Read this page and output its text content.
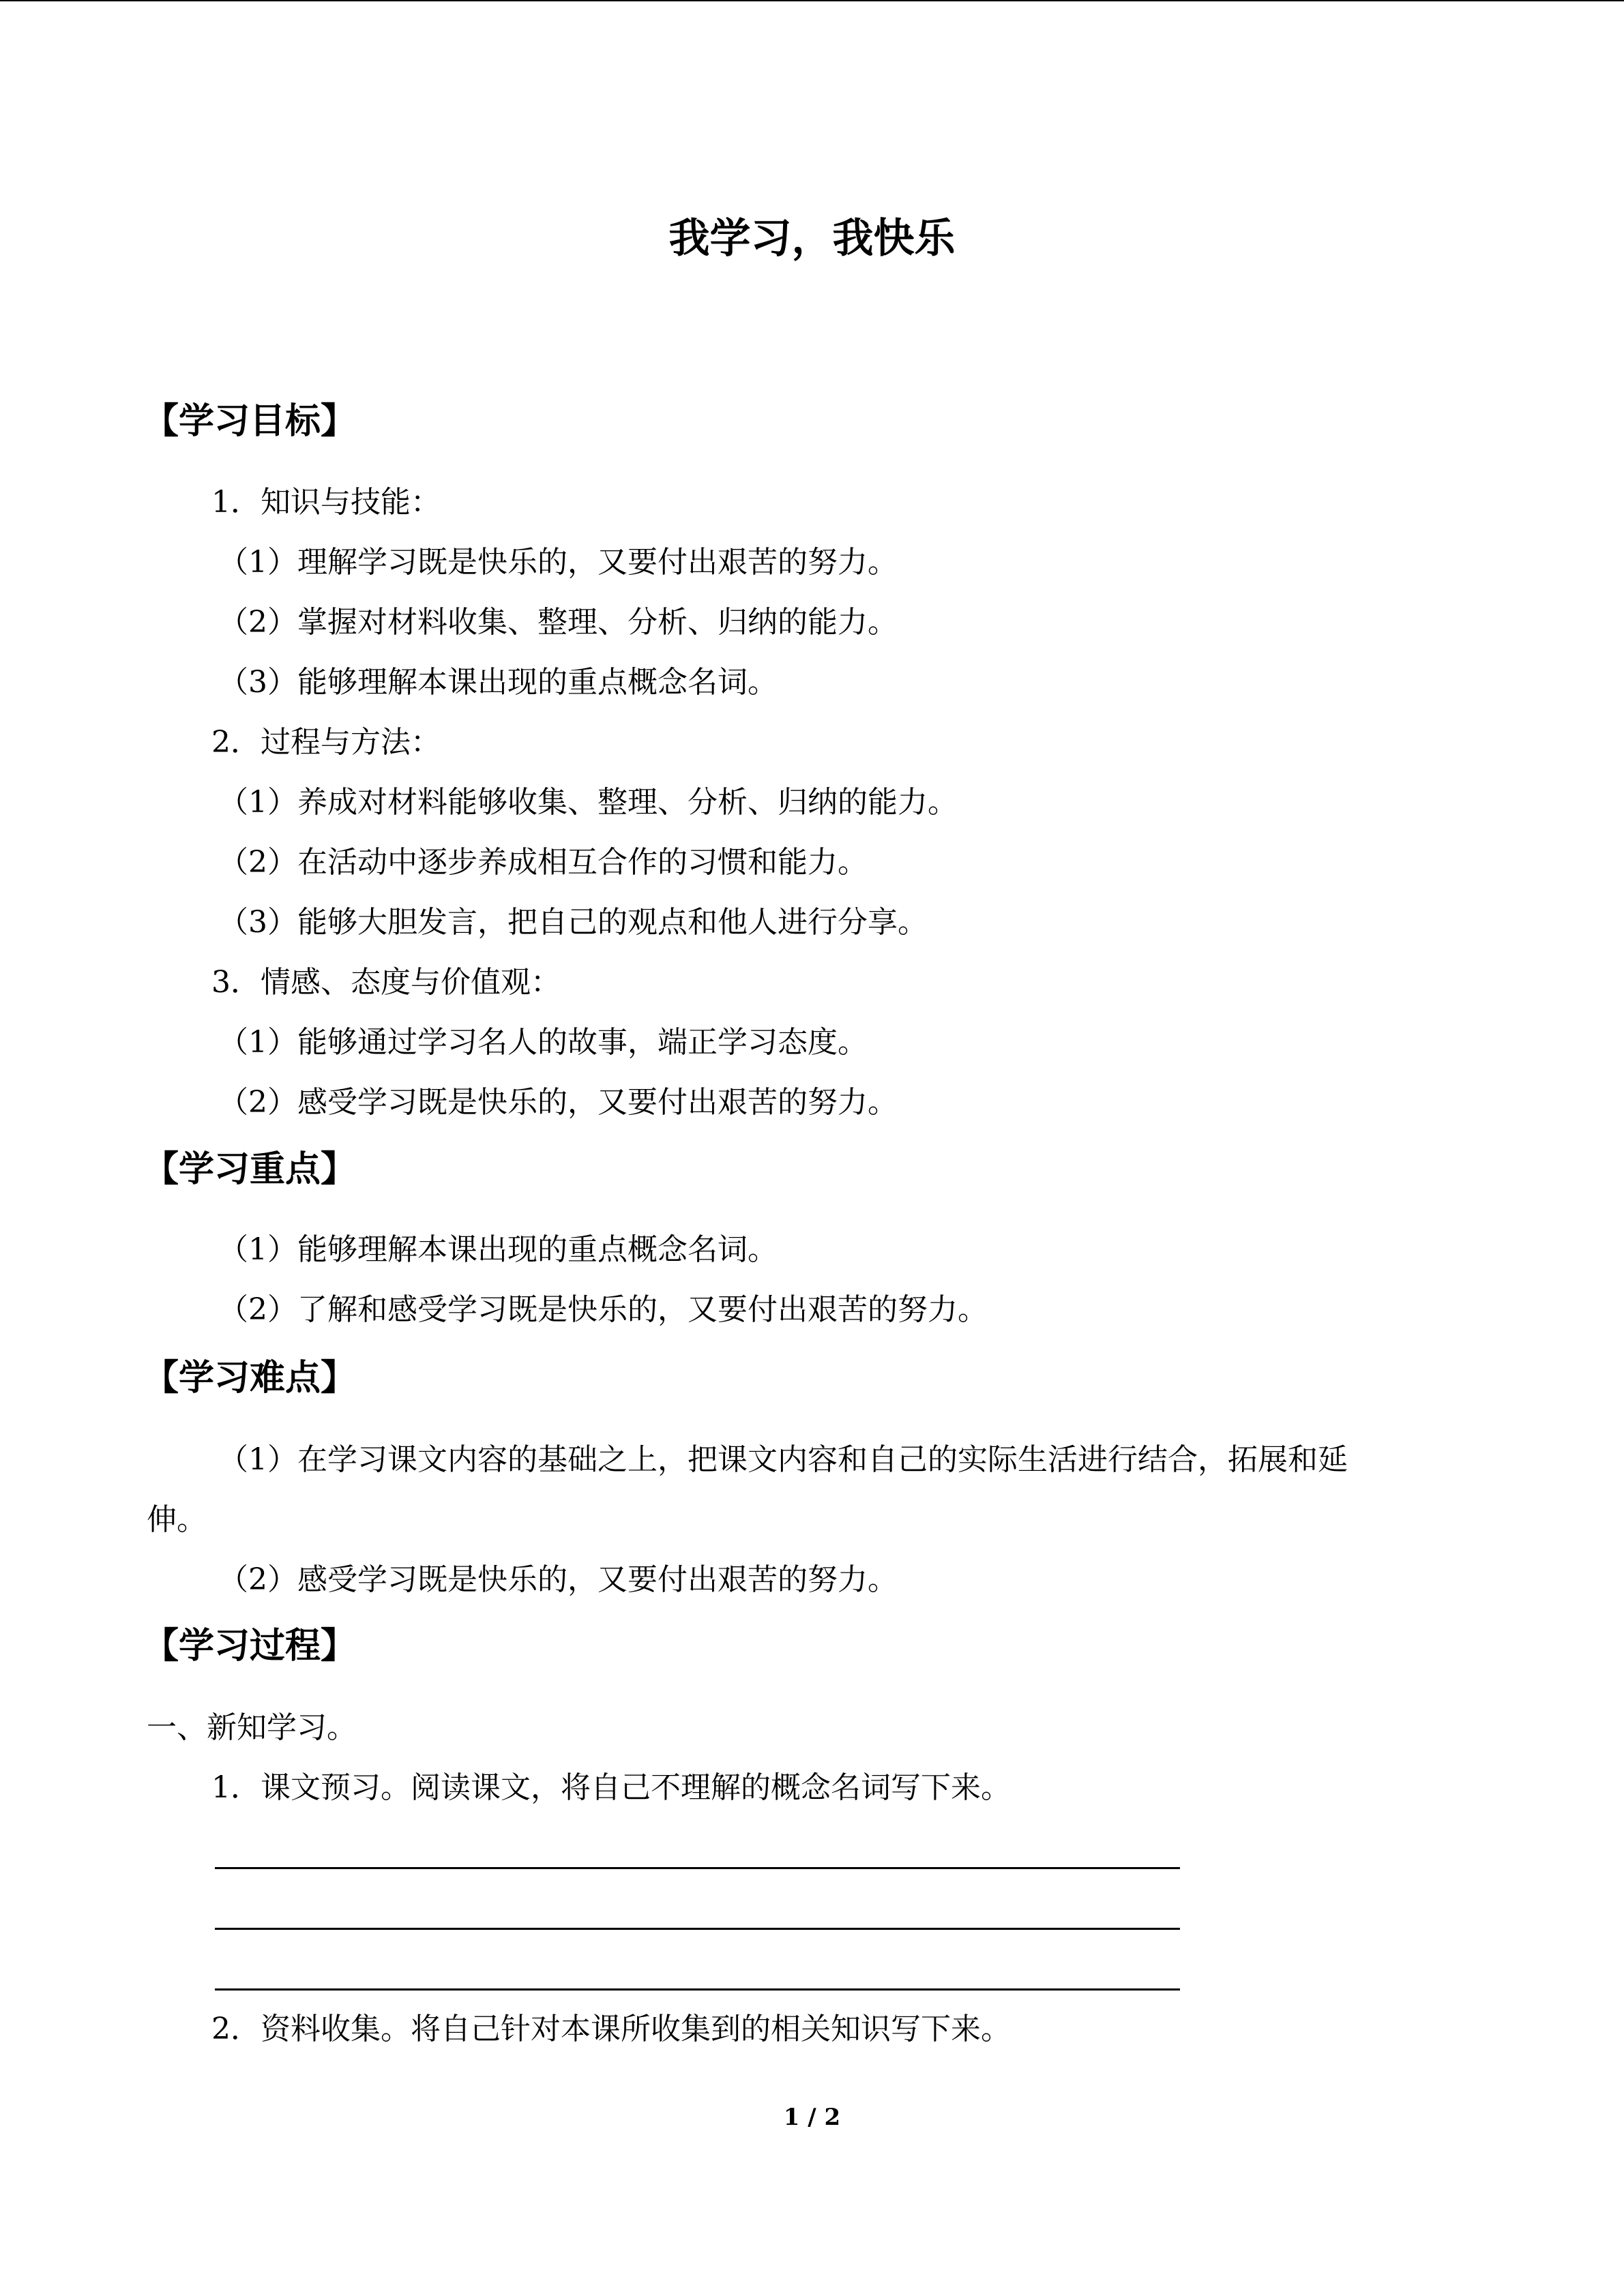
我学习，我快乐
【学习目标】
1．知识与技能：
（1）理解学习既是快乐的，又要付出艰苦的努力。
（2）掌握对材料收集、整理、分析、归纳的能力。
（3）能够理解本课出现的重点概念名词。
2．过程与方法：
（1）养成对材料能够收集、整理、分析、归纳的能力。
（2）在活动中逐步养成相互合作的习惯和能力。
（3）能够大胆发言，把自己的观点和他人进行分享。
3．情感、态度与价值观：
（1）能够通过学习名人的故事，端正学习态度。
（2）感受学习既是快乐的，又要付出艰苦的努力。
【学习重点】
（1）能够理解本课出现的重点概念名词。
（2）了解和感受学习既是快乐的，又要付出艰苦的努力。
【学习难点】
（1）在学习课文内容的基础之上，把课文内容和自己的实际生活进行结合，拓展和延
伸。
（2）感受学习既是快乐的，又要付出艰苦的努力。
【学习过程】
一、新知学习。
1．课文预习。阅读课文，将自己不理解的概念名词写下来。
2．资料收集。将自己针对本课所收集到的相关知识写下来。
1 / 2
